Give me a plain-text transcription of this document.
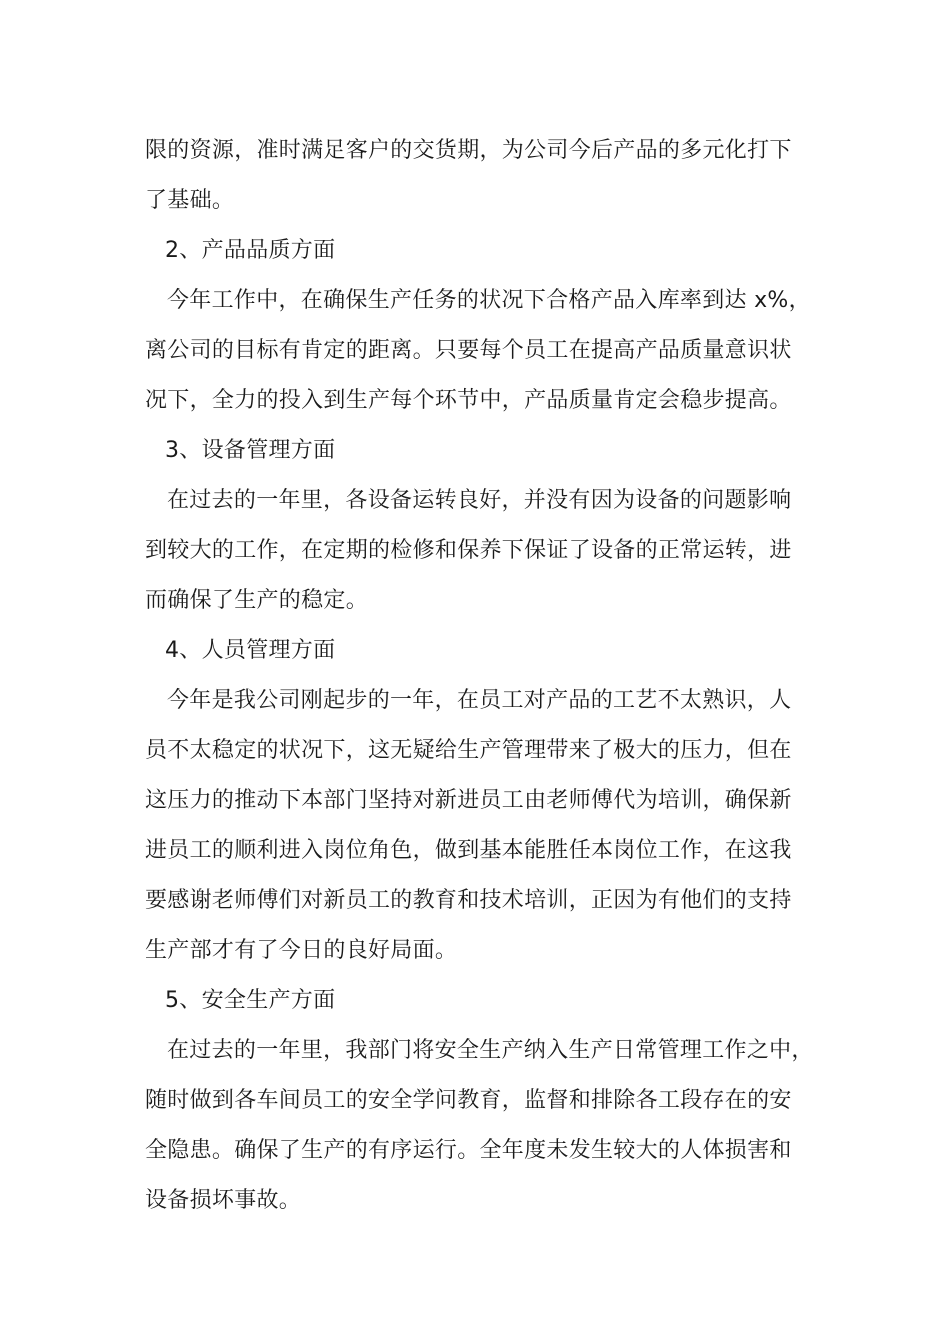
限的资源，准时满足客户的交货期，为公司今后产品的多元化打下
了基础。
2、产品品质方面
今年工作中，在确保生产任务的状况下合格产品入库率到达 x%，
离公司的目标有肯定的距离。只要每个员工在提高产品质量意识状
况下，全力的投入到生产每个环节中，产品质量肯定会稳步提高。
3、设备管理方面
在过去的一年里，各设备运转良好，并没有因为设备的问题影响
到较大的工作，在定期的检修和保养下保证了设备的正常运转，进
而确保了生产的稳定。
4、人员管理方面
今年是我公司刚起步的一年，在员工对产品的工艺不太熟识，人
员不太稳定的状况下，这无疑给生产管理带来了极大的压力，但在
这压力的推动下本部门坚持对新进员工由老师傅代为培训，确保新
进员工的顺利进入岗位角色，做到基本能胜任本岗位工作，在这我
要感谢老师傅们对新员工的教育和技术培训，正因为有他们的支持
生产部才有了今日的良好局面。
5、安全生产方面
在过去的一年里，我部门将安全生产纳入生产日常管理工作之中，
随时做到各车间员工的安全学问教育，监督和排除各工段存在的安
全隐患。确保了生产的有序运行。全年度未发生较大的人体损害和
设备损坏事故。
